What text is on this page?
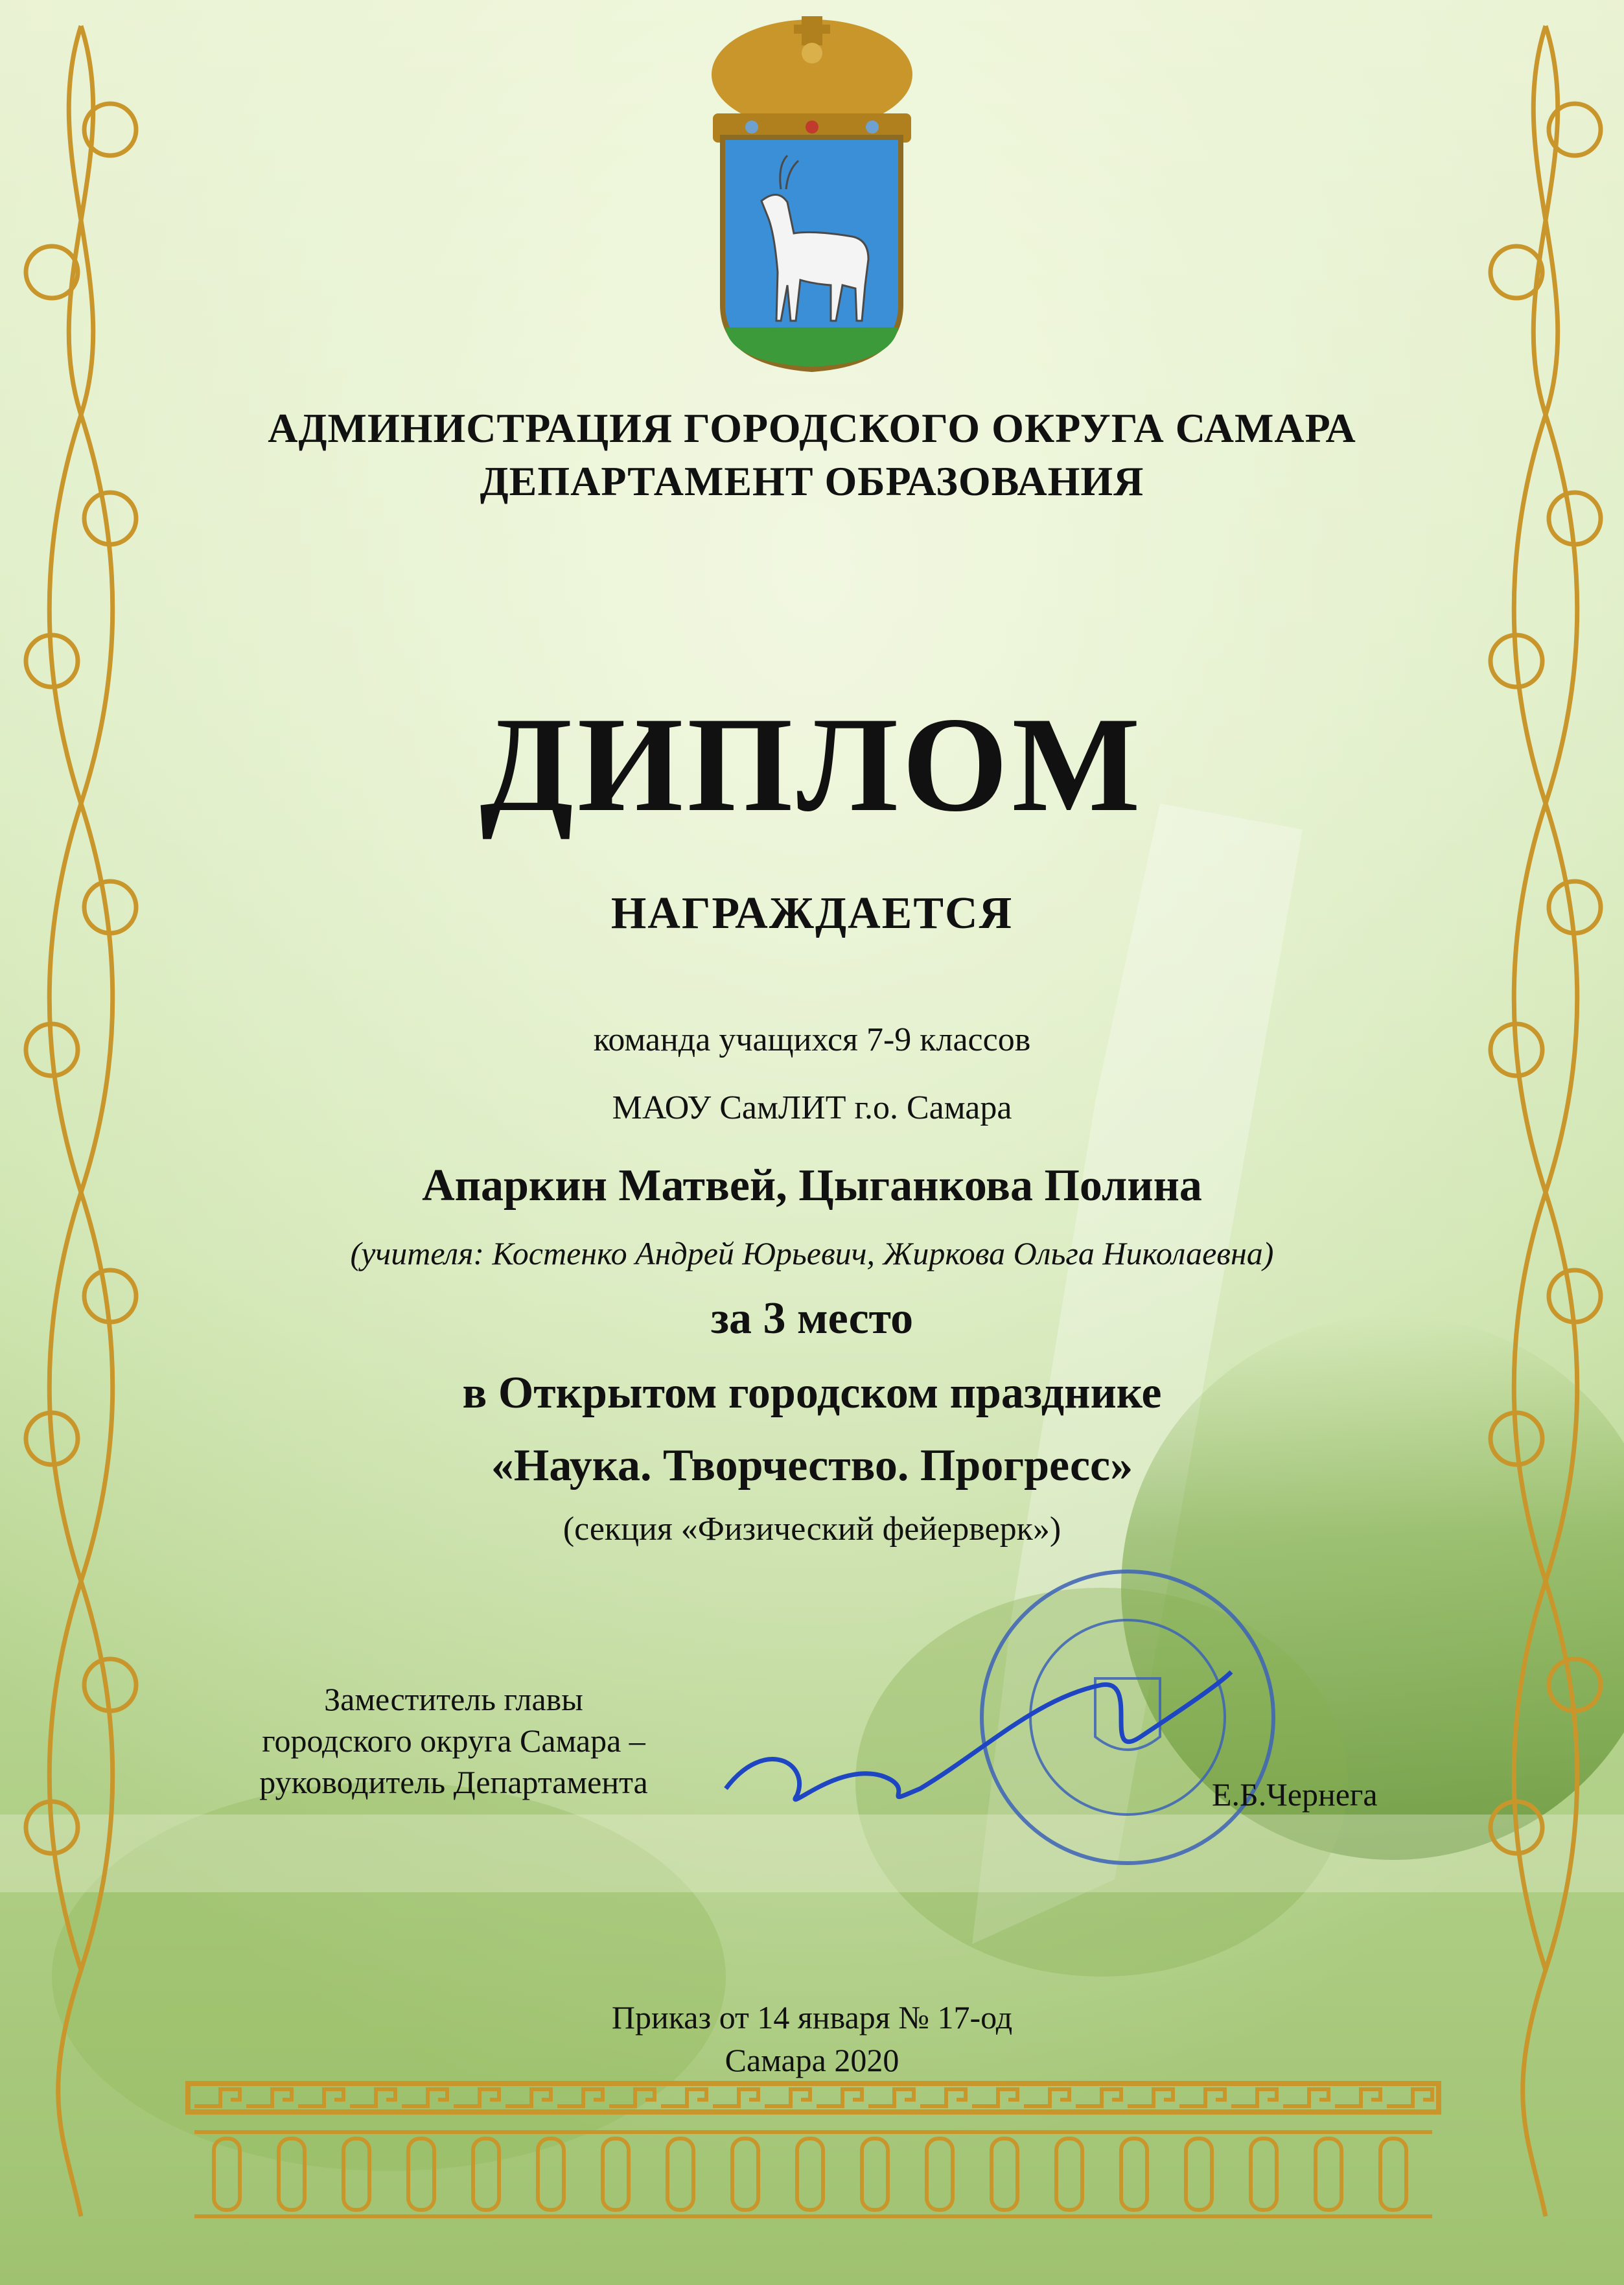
АДМИНИСТРАЦИЯ ГОРОДСКОГО ОКРУГА САМАРА
ДЕПАРТАМЕНТ ОБРАЗОВАНИЯ
ДИПЛОМ
НАГРАЖДАЕТСЯ
команда учащихся 7-9 классов
МАОУ СамЛИТ г.о. Самара
Апаркин Матвей, Цыганкова Полина
(учителя: Костенко Андрей Юрьевич, Жиркова Ольга Николаевна)
за 3 место
в Открытом городском празднике
«Наука. Творчество. Прогресс»
(секция «Физический фейерверк»)
Заместитель главы
городского округа Самара –
руководитель Департамента	Е.Б.Чернега
Приказ от 14 января № 17-од
Самара 2020
